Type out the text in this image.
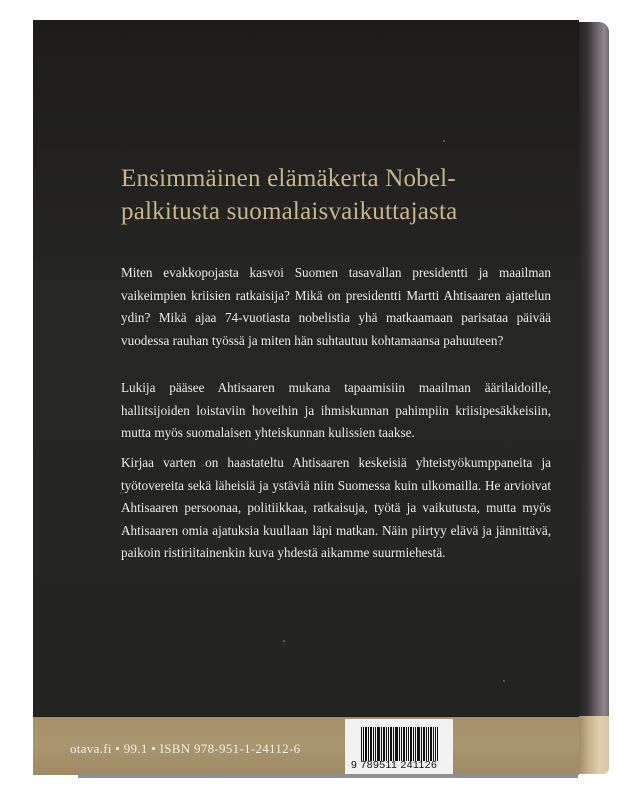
Ensimmäinen elämäkerta Nobel-
palkitusta suomalaisvaikuttajasta

Miten evakkopojasta kasvoi Suomen tasavallan presidentti ja maailman vaikeimpien kriisien ratkaisija? Mikä on presidentti Martti Ahtisaaren ajattelun ydin? Mikä ajaa 74-vuotiasta nobelistia yhä matkaamaan parisataa päivää vuodessa rauhan työssä ja miten hän suhtautuu kohtamaansa pahuuteen?

Lukija pääsee Ahtisaaren mukana tapaamisiin maailman äärilaidoille, hallitsijoiden loistaviin hoveihin ja ihmiskunnan pahimpiin kriisipesäkkeisiin, mutta myös suomalaisen yhteiskunnan kulissien taakse.

Kirjaa varten on haastateltu Ahtisaaren keskeisiä yhteistyökumppaneita ja työtovereita sekä läheisiä ja ystäviä niin Suomessa kuin ulkomailla. He arvioivat Ahtisaaren persoonaa, politiikkaa, ratkaisuja, työtä ja vaikutusta, mutta myös Ahtisaaren omia ajatuksia kuullaan läpi matkan. Näin piirtyy elävä ja jännittävä, paikoin ristiriitainenkin kuva yhdestä aikamme suurmiehestä.

otava.fi • 99.1 • ISBN 978-951-1-24112-6
9 789511 241126
